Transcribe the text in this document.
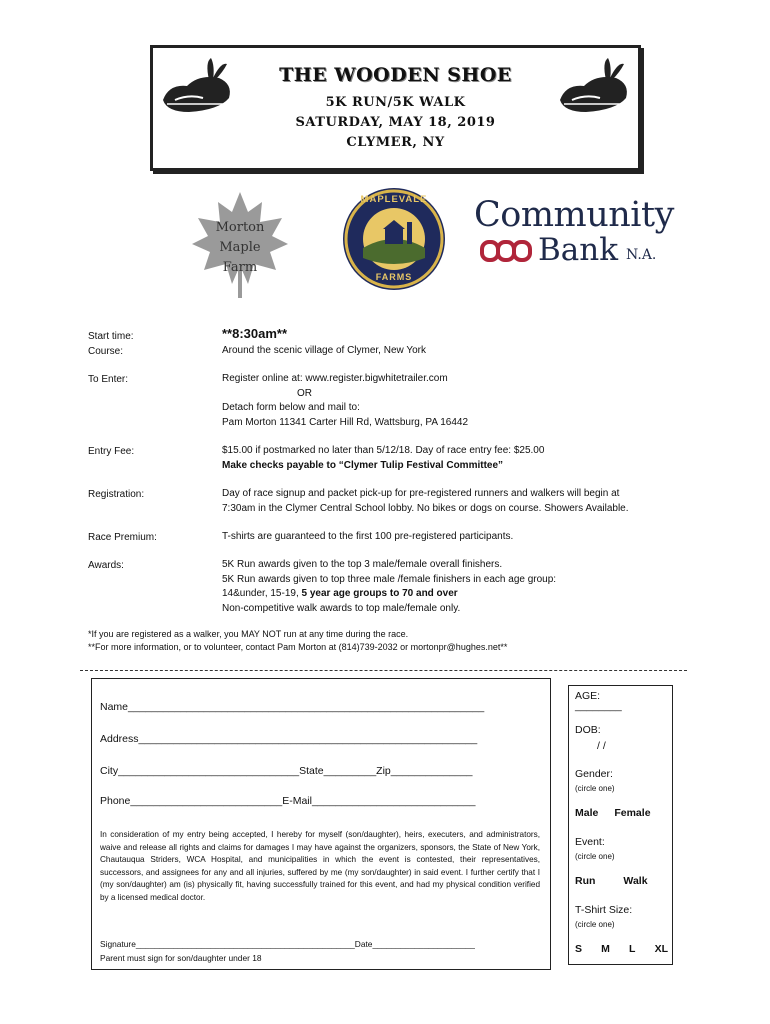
THE WOODEN SHOE
5K RUN/5K WALK
SATURDAY, MAY 18, 2019
CLYMER, NY
Morton
Maple
Farm
MAPLEVALE
FARMS
Community
Bank N.A.
Start time:	**8:30am**
Course:	Around the scenic village of Clymer, New York
To Enter:	Register online at: www.register.bigwhitetrailer.com
OR
Detach form below and mail to:
Pam Morton 11341 Carter Hill Rd, Wattsburg, PA 16442
Entry Fee:	$15.00 if postmarked no later than 5/12/18. Day of race entry fee: $25.00
Make checks payable to “Clymer Tulip Festival Committee”
Registration:	Day of race signup and packet pick-up for pre-registered runners and walkers will begin at
7:30am in the Clymer Central School lobby. No bikes or dogs on course. Showers Available.
Race Premium:	T-shirts are guaranteed to the first 100 pre-registered participants.
Awards:	5K Run awards given to the top 3 male/female overall finishers.
5K Run awards given to top three male /female finishers in each age group:
14&under, 15-19, 5 year age groups to 70 and over
Non-competitive walk awards to top male/female only.
*If you are registered as a walker, you MAY NOT run at any time during the race.
**For more information, or to volunteer, contact Pam Morton at (814)739-2032 or mortonpr@hughes.net**
Name_____________________________________________________________
Address__________________________________________________________
City_______________________________State_________Zip______________
Phone__________________________E-Mail____________________________
In consideration of my entry being accepted, I hereby for myself (son/daughter), heirs, executers, and administrators, waive and release all rights and claims for damages I may have against the organizers, sponsors, the State of New York, Chautauqua Striders, WCA Hospital, and municipalities in which the event is contested, their representatives, successors, and assignees for any and all injuries, suffered by me (my son/daughter) in said event. I further certify that I (my son/daughter) am (is) physically fit, having successfully trained for this event, and had my physical condition verified by a licensed medical doctor.
Signature_______________________________________________Date______________________
Parent must sign for son/daughter under 18
AGE:
________
DOB:
/ /
Gender:
(circle one)
Male Female
Event:
(circle one)
Run	Walk
T-Shirt Size:
(circle one)
S M L XL
